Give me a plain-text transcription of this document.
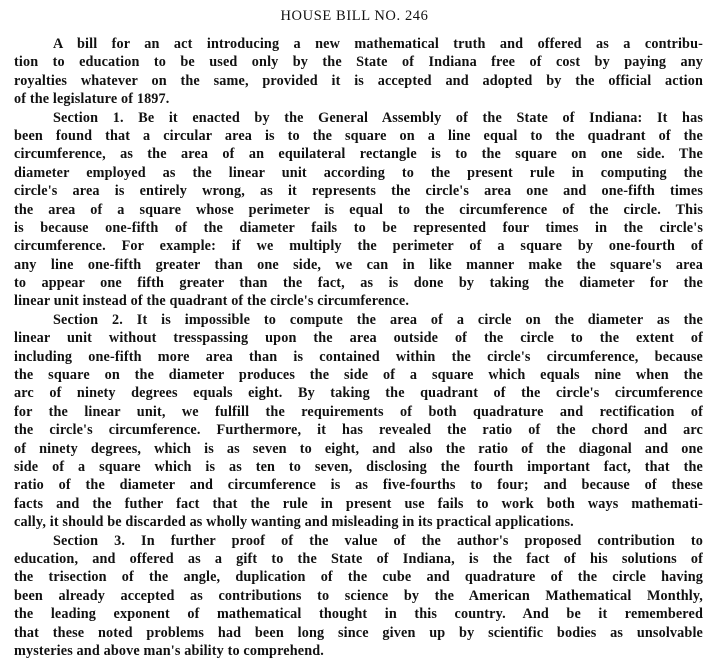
HOUSE BILL NO. 246
A bill for an act introducing a new mathematical truth and offered as a contribu-
tion to education to be used only by the State of Indiana free of cost by paying any
royalties whatever on the same, provided it is accepted and adopted by the official action
of the legislature of 1897.
Section 1. Be it enacted by the General Assembly of the State of Indiana: It has
been found that a circular area is to the square on a line equal to the quadrant of the
circumference, as the area of an equilateral rectangle is to the square on one side. The
diameter employed as the linear unit according to the present rule in computing the
circle's area is entirely wrong, as it represents the circle's area one and one-fifth times
the area of a square whose perimeter is equal to the circumference of the circle. This
is because one-fifth of the diameter fails to be represented four times in the circle's
circumference. For example: if we multiply the perimeter of a square by one-fourth of
any line one-fifth greater than one side, we can in like manner make the square's area
to appear one fifth greater than the fact, as is done by taking the diameter for the
linear unit instead of the quadrant of the circle's circumference.
Section 2. It is impossible to compute the area of a circle on the diameter as the
linear unit without tresspassing upon the area outside of the circle to the extent of
including one-fifth more area than is contained within the circle's circumference, because
the square on the diameter produces the side of a square which equals nine when the
arc of ninety degrees equals eight. By taking the quadrant of the circle's circumference
for the linear unit, we fulfill the requirements of both quadrature and rectification of
the circle's circumference. Furthermore, it has revealed the ratio of the chord and arc
of ninety degrees, which is as seven to eight, and also the ratio of the diagonal and one
side of a square which is as ten to seven, disclosing the fourth important fact, that the
ratio of the diameter and circumference is as five-fourths to four; and because of these
facts and the futher fact that the rule in present use fails to work both ways mathemati-
cally, it should be discarded as wholly wanting and misleading in its practical applications.
Section 3. In further proof of the value of the author's proposed contribution to
education, and offered as a gift to the State of Indiana, is the fact of his solutions of
the trisection of the angle, duplication of the cube and quadrature of the circle having
been already accepted as contributions to science by the American Mathematical Monthly,
the leading exponent of mathematical thought in this country. And be it remembered
that these noted problems had been long since given up by scientific bodies as unsolvable
mysteries and above man's ability to comprehend.
